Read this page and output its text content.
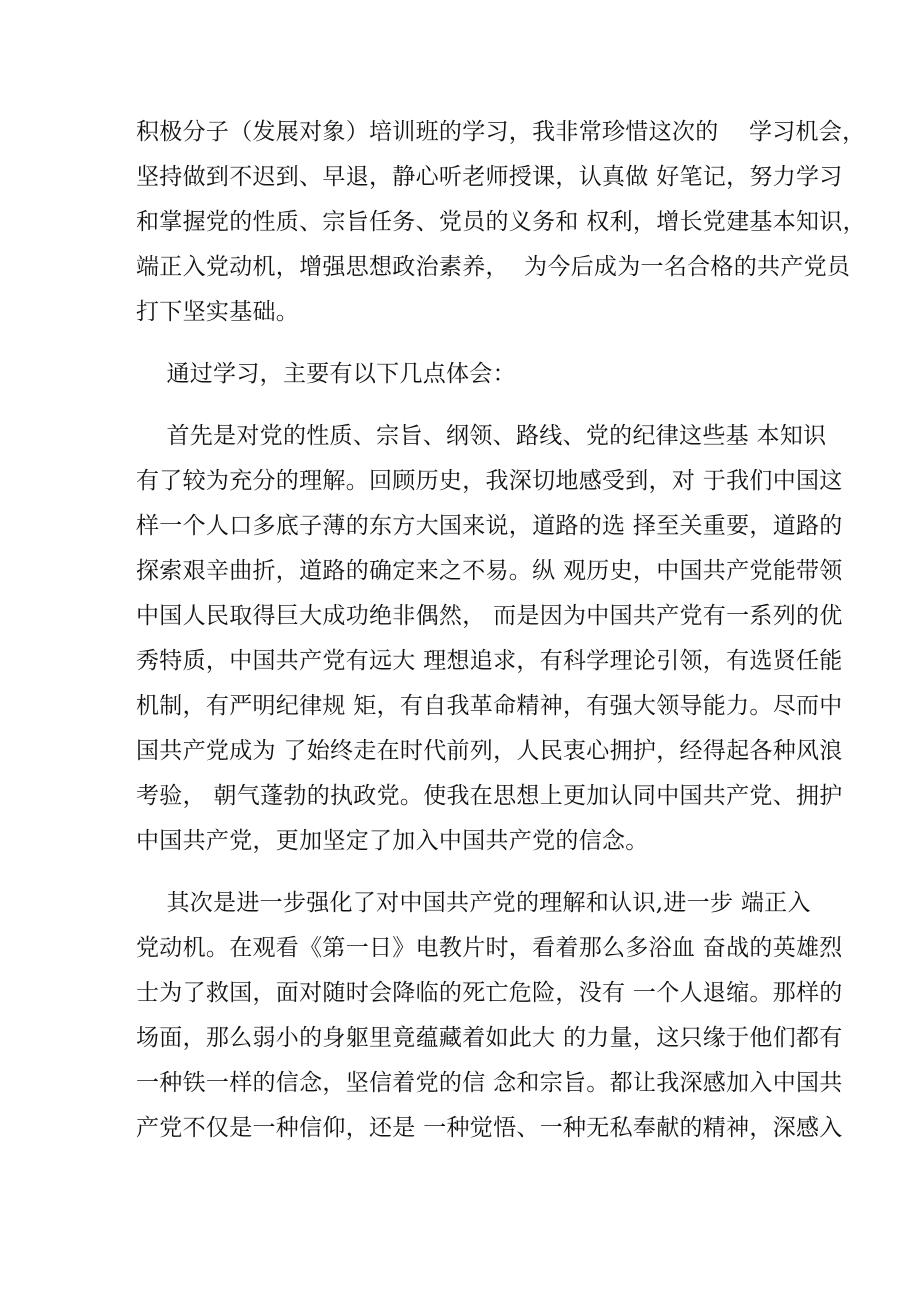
积极分子（发展对象）培训班的学习，我非常珍惜这次的    学习机会，
坚持做到不迟到、早退，静心听老师授课，认真做 好笔记，努力学习
和掌握党的性质、宗旨任务、党员的义务和 权利，增长党建基本知识，
端正入党动机，增强思想政治素养，  为今后成为一名合格的共产党员
打下坚实基础。

通过学习，主要有以下几点体会：

首先是对党的性质、宗旨、纲领、路线、党的纪律这些基 本知识
有了较为充分的理解。回顾历史，我深切地感受到，对 于我们中国这
样一个人口多底子薄的东方大国来说，道路的选 择至关重要，道路的
探索艰辛曲折，道路的确定来之不易。纵 观历史，中国共产党能带领
中国人民取得巨大成功绝非偶然， 而是因为中国共产党有一系列的优
秀特质，中国共产党有远大 理想追求，有科学理论引领，有选贤任能
机制，有严明纪律规 矩，有自我革命精神，有强大领导能力。尽而中
国共产党成为 了始终走在时代前列，人民衷心拥护，经得起各种风浪
考验， 朝气蓬勃的执政党。使我在思想上更加认同中国共产党、拥护
中国共产党，更加坚定了加入中国共产党的信念。

其次是进一步强化了对中国共产党的理解和认识,进一步 端正入
党动机。在观看《第一日》电教片时，看着那么多浴血 奋战的英雄烈
士为了救国，面对随时会降临的死亡危险，没有 一个人退缩。那样的
场面，那么弱小的身躯里竟蕴藏着如此大 的力量，这只缘于他们都有
一种铁一样的信念，坚信着党的信 念和宗旨。都让我深感加入中国共
产党不仅是一种信仰，还是 一种觉悟、一种无私奉献的精神，深感入
